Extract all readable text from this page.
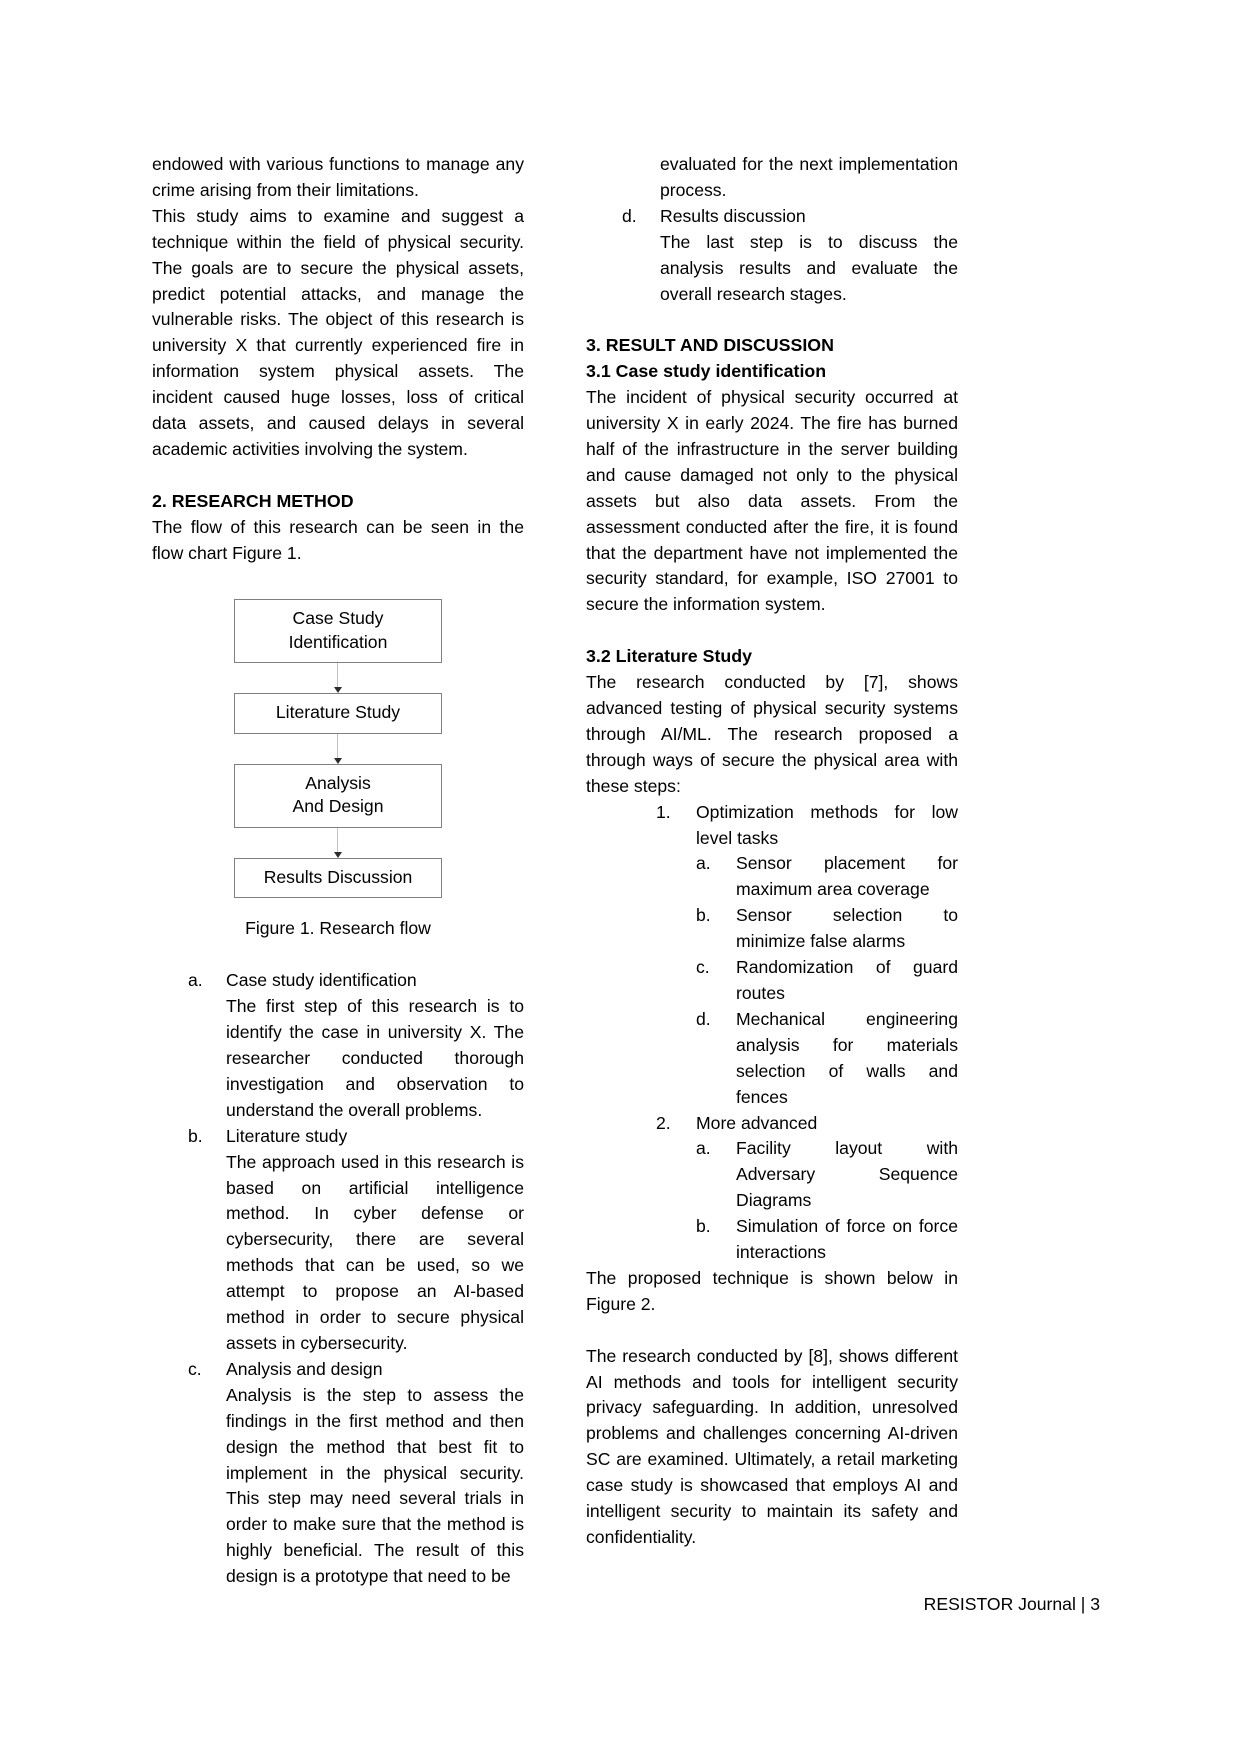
endowed with various functions to manage any crime arising from their limitations.

This study aims to examine and suggest a technique within the field of physical security. The goals are to secure the physical assets, predict potential attacks, and manage the vulnerable risks. The object of this research is university X that currently experienced fire in information system physical assets. The incident caused huge losses, loss of critical data assets, and caused delays in several academic activities involving the system.

2. RESEARCH METHOD

The flow of this research can be seen in the flow chart Figure 1.

Case Study
Identification
Literature Study
Analysis
And Design
Results Discussion
Figure 1. Research flow
a.	Case study identification

The first step of this research is to identify the case in university X. The researcher conducted thorough investigation and observation to understand the overall problems.

b.	Literature study

The approach used in this research is based on artificial intelligence method. In cyber defense or cybersecurity, there are several methods that can be used, so we attempt to propose an AI-based method in order to secure physical assets in cybersecurity.

c.	Analysis and design

Analysis is the step to assess the findings in the first method and then design the method that best fit to implement in the physical security. This step may need several trials in order to make sure that the method is highly beneficial. The result of this design is a prototype that need to be

evaluated for the next implementation process.

d.	Results discussion

The last step is to discuss the analysis results and evaluate the overall research stages.

3. RESULT AND DISCUSSION
3.1 Case study identification

The incident of physical security occurred at university X in early 2024. The fire has burned half of the infrastructure in the server building and cause damaged not only to the physical assets but also data assets. From the assessment conducted after the fire, it is found that the department have not implemented the security standard, for example, ISO 27001 to secure the information system.

3.2 Literature Study

The research conducted by [7], shows advanced testing of physical security systems through AI/ML. The research proposed a through ways of secure the physical area with these steps:

1.	Optimization methods for low level tasks
a.	Sensor placement for maximum area coverage
b.	Sensor selection to minimize false alarms
c.	Randomization of guard routes
d.	Mechanical engineering analysis for materials selection of walls and fences
2.	More advanced
a.	Facility layout with Adversary Sequence Diagrams
b.	Simulation of force on force interactions

The proposed technique is shown below in Figure 2.

The research conducted by [8], shows different AI methods and tools for intelligent security privacy safeguarding. In addition, unresolved problems and challenges concerning AI-driven SC are examined. Ultimately, a retail marketing case study is showcased that employs AI and intelligent security to maintain its safety and confidentiality.

RESISTOR Journal | 3
